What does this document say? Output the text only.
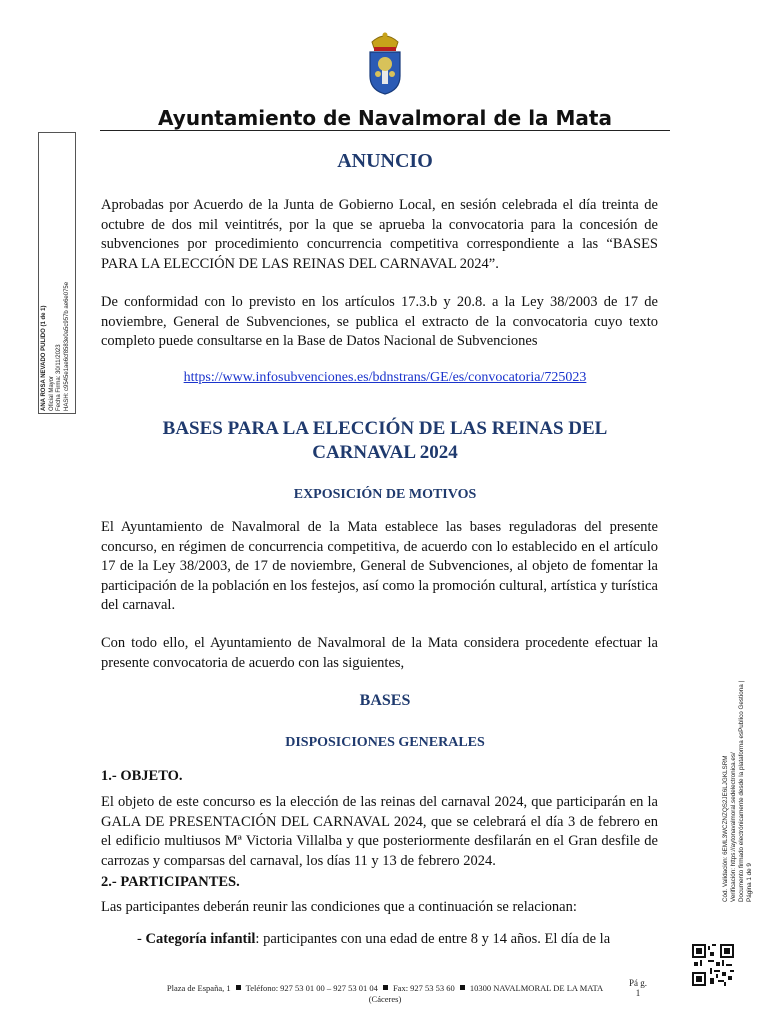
Ayuntamiento de Navalmoral de la Mata
ANA ROSA NEVADO PULIDO (1 de 1) Oficial Mayor Fecha Firma: 30/11/2023 HASH: c9545e1ae6cf8583e0a5c957b ae6e075e
ANUNCIO
Aprobadas por Acuerdo de la Junta de Gobierno Local, en sesión celebrada el día treinta de octubre de dos mil veintitrés, por la que se aprueba la convocatoria para la concesión de subvenciones por procedimiento concurrencia competitiva correspondiente a las “BASES PARA LA ELECCIÓN DE LAS REINAS DEL CARNAVAL 2024”.
De conformidad con lo previsto en los artículos 17.3.b y 20.8. a la Ley 38/2003 de 17 de noviembre, General de Subvenciones, se publica el extracto de la convocatoria cuyo texto completo puede consultarse en la Base de Datos Nacional de Subvenciones
https://www.infosubvenciones.es/bdnstrans/GE/es/convocatoria/725023
BASES PARA LA ELECCIÓN DE LAS REINAS DEL CARNAVAL 2024
EXPOSICIÓN DE MOTIVOS
El Ayuntamiento de Navalmoral de la Mata establece las bases reguladoras del presente concurso, en régimen de concurrencia competitiva, de acuerdo con lo establecido en el artículo 17 de la Ley 38/2003, de 17 de noviembre, General de Subvenciones, al objeto de fomentar la participación de la población en los festejos, así como la promoción cultural, artística y turística del carnaval.
Con todo ello, el Ayuntamiento de Navalmoral de la Mata considera procedente efectuar la presente convocatoria de acuerdo con las siguientes,
BASES
DISPOSICIONES GENERALES
1.- OBJETO.
El objeto de este concurso es la elección de las reinas del carnaval 2024, que participarán en la GALA DE PRESENTACIÓN DEL CARNAVAL 2024, que se celebrará el día 3 de febrero en el edificio multiusos Mª Victoria Villalba y que posteriormente desfilarán en el Gran desfile de carrozas y comparsas del carnaval, los días 11 y 13 de febrero 2024.
2.- PARTICIPANTES.
Las participantes deberán reunir las condiciones que a continuación se relacionan:
- Categoría infantil: participantes con una edad de entre 8 y 14 años. El día de la
Cód. Validación: 6EML3WCZNZQS2JE6LJGKLSRM Verificación: https://aytonavalmoral.sedelectronica.es/ Documento firmado electrónicamente desde la plataforma esPublico Gestiona | Página 1 de 9
Plaza de España, 1 Teléfono: 927 53 01 00 – 927 53 01 04 Fax: 927 53 53 60 10300 NAVALMORAL DE LA MATA
(Cáceres)
Pá g. 1
